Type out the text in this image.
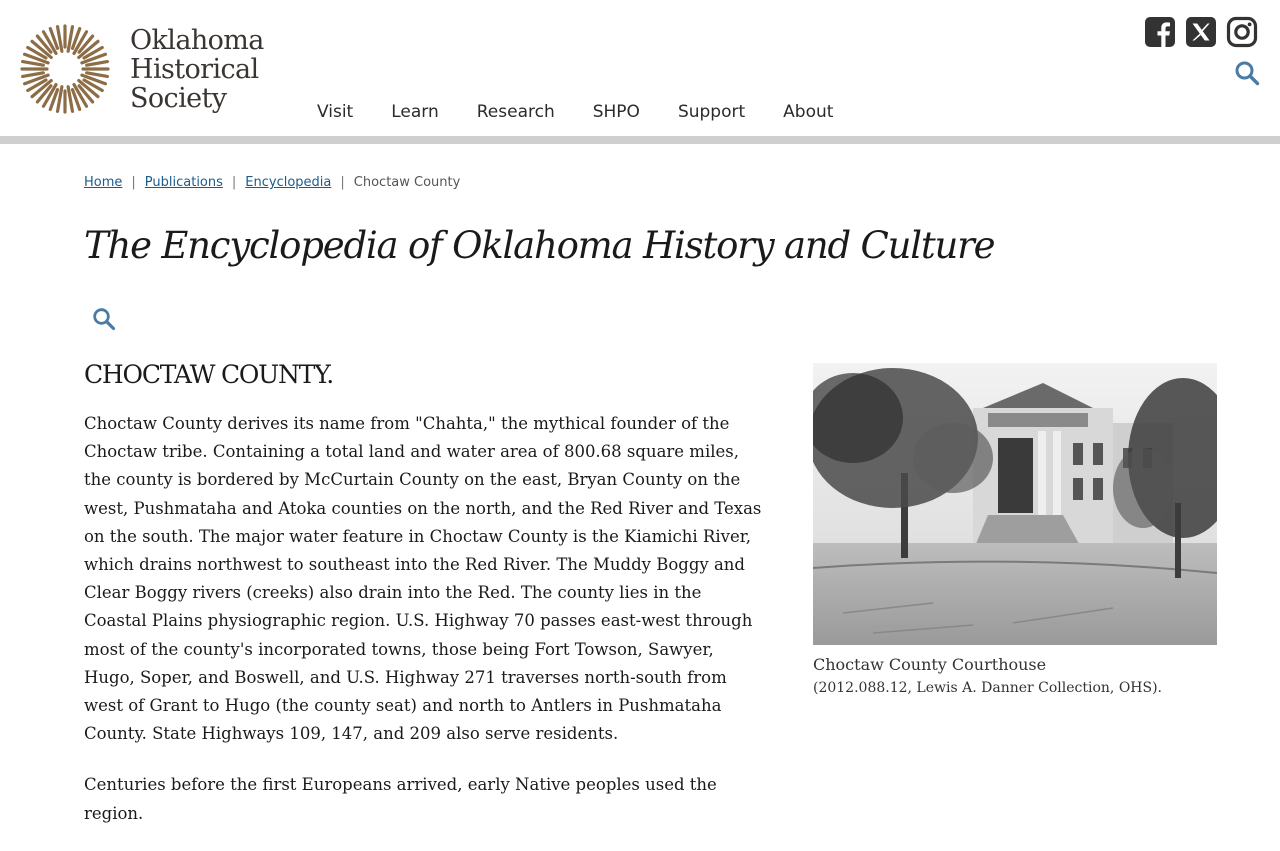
Oklahoma
Historical
Society	Visit	Learn	Research	SHPO	Support	About
Home | Publications | Encyclopedia | Choctaw County
The Encyclopedia of Oklahoma History and Culture
CHOCTAW COUNTY.

Choctaw County derives its name from "Chahta," the mythical founder of the Choctaw tribe. Containing a total land and water area of 800.68 square miles, the county is bordered by McCurtain County on the east, Bryan County on the west, Pushmataha and Atoka counties on the north, and the Red River and Texas on the south. The major water feature in Choctaw County is the Kiamichi River, which drains northwest to southeast into the Red River. The Muddy Boggy and Clear Boggy rivers (creeks) also drain into the Red. The county lies in the Coastal Plains physiographic region. U.S. Highway 70 passes east-west through most of the county's incorporated towns, those being Fort Towson, Sawyer, Hugo, Soper, and Boswell, and U.S. Highway 271 traverses north-south from west of Grant to Hugo (the county seat) and north to Antlers in Pushmataha County. State Highways 109, 147, and 209 also serve residents.

Centuries before the first Europeans arrived, early Native peoples used the region.

Choctaw County Courthouse
(2012.088.12, Lewis A. Danner Collection, OHS).
